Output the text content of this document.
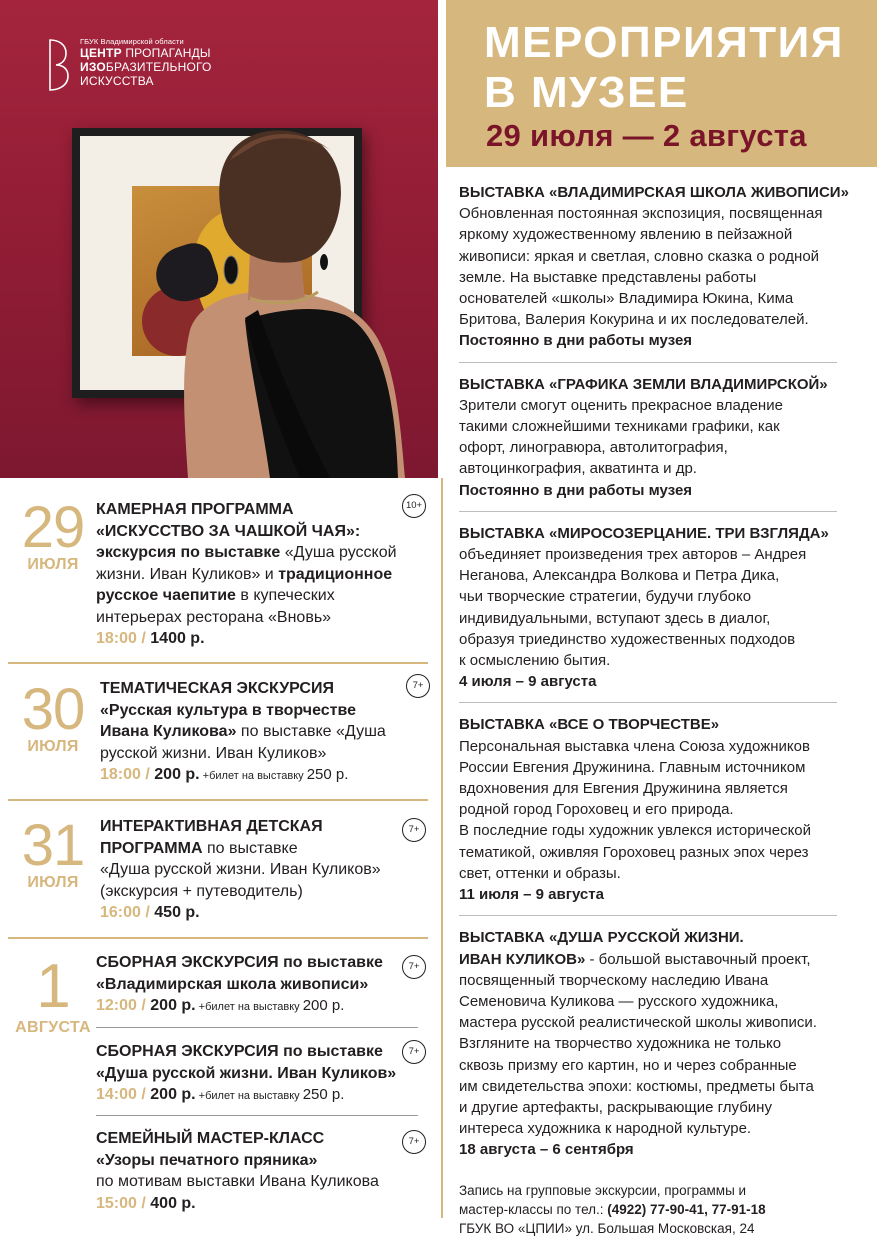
ГБУК Владимирской области
ЦЕНТР ПРОПАГАНДЫ
ИЗОБРАЗИТЕЛЬНОГО
ИСКУССТВА
МЕРОПРИЯТИЯ
В МУЗЕЕ
29 июля — 2 августа
ВЫСТАВКА «ВЛАДИМИРСКАЯ ШКОЛА ЖИВОПИСИ»
Обновленная постоянная экспозиция, посвященная
яркому художественному явлению в пейзажной
живописи: яркая и светлая, словно сказка о родной
земле. На выставке представлены работы
основателей «школы» Владимира Юкина, Кима
Бритова, Валерия Кокурина и их последователей.
Постоянно в дни работы музея
ВЫСТАВКА «ГРАФИКА ЗЕМЛИ ВЛАДИМИРСКОЙ»
Зрители смогут оценить прекрасное владение
такими сложнейшими техниками графики, как
офорт, линогравюра, автолитография,
автоцинкография, акватинта и др.
Постоянно в дни работы музея
ВЫСТАВКА «МИРОСОЗЕРЦАНИЕ. ТРИ ВЗГЛЯДА»
объединяет произведения трех авторов – Андрея
Неганова, Александра Волкова и Петра Дика,
чьи творческие стратегии, будучи глубоко
индивидуальными, вступают здесь в диалог,
образуя триединство художественных подходов
к осмыслению бытия.
4 июля – 9 августа
ВЫСТАВКА «ВСЕ О ТВОРЧЕСТВЕ»
Персональная выставка члена Союза художников
России Евгения Дружинина. Главным источником
вдохновения для Евгения Дружинина является
родной город Гороховец и его природа.
В последние годы художник увлекся исторической
тематикой, оживляя Гороховец разных эпох через
свет, оттенки и образы.
11 июля – 9 августа
ВЫСТАВКА «ДУША РУССКОЙ ЖИЗНИ.
ИВАН КУЛИКОВ» - большой выставочный проект,
посвященный творческому наследию Ивана
Семеновича Куликова — русского художника,
мастера русской реалистической школы живописи.
Взгляните на творчество художника не только
сквозь призму его картин, но и через собранные
им свидетельства эпохи: костюмы, предметы быта
и другие артефакты, раскрывающие глубину
интереса художника к народной культуре.
18 августа – 6 сентября
Запись на групповые экскурсии, программы и
мастер-классы по тел.: (4922) 77-90-41, 77-91-18
ГБУК ВО «ЦПИИ» ул. Большая Московская, 24
29
ИЮЛЯ
10+
КАМЕРНАЯ ПРОГРАММА
«ИСКУССТВО ЗА ЧАШКОЙ ЧАЯ»:
экскурсия по выставке «Душа русской
жизни. Иван Куликов» и традиционное
русское чаепитие в купеческих
интерьерах ресторана «Вновь»
18:00 / 1400 р.
30
ИЮЛЯ
7+
ТЕМАТИЧЕСКАЯ ЭКСКУРСИЯ
«Русская культура в творчестве
Ивана Куликова» по выставке «Душа
русской жизни. Иван Куликов»
18:00 / 200 р. +билет на выставку 250 р.
31
ИЮЛЯ
7+
ИНТЕРАКТИВНАЯ ДЕТСКАЯ
ПРОГРАММА по выставке
«Душа русской жизни. Иван Куликов»
(экскурсия + путеводитель)
16:00 / 450 р.
1
АВГУСТА
7+
СБОРНАЯ ЭКСКУРСИЯ по выставке
«Владимирская школа живописи»
12:00 / 200 р. +билет на выставку 200 р.
7+
СБОРНАЯ ЭКСКУРСИЯ по выставке
«Душа русской жизни. Иван Куликов»
14:00 / 200 р. +билет на выставку 250 р.
7+
СЕМЕЙНЫЙ МАСТЕР-КЛАСС
«Узоры печатного пряника»
по мотивам выставки Ивана Куликова
15:00 / 400 р.
